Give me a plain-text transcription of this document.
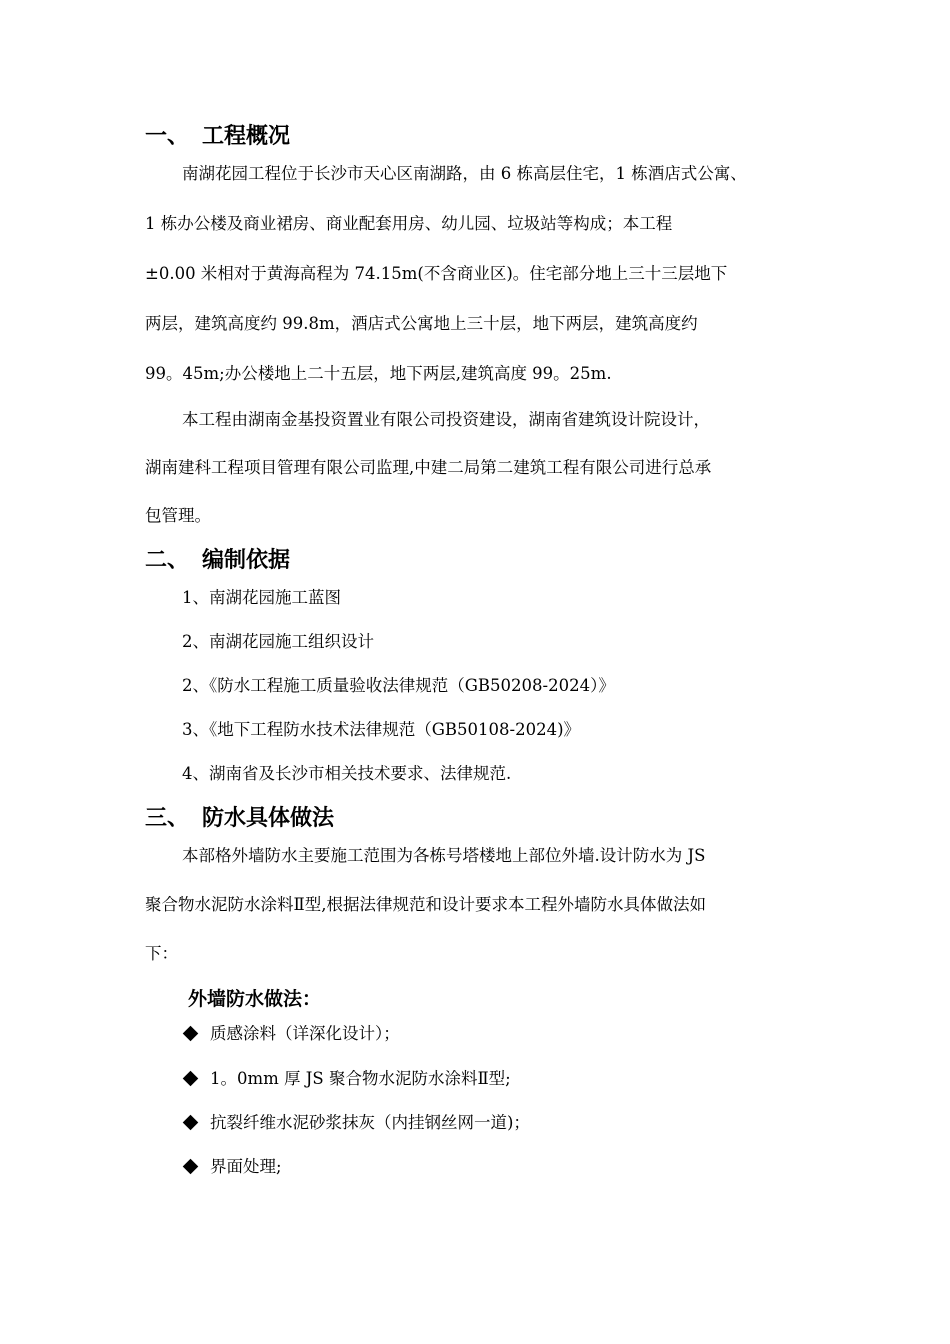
一、 工程概况
南湖花园工程位于长沙市天心区南湖路，由 6 栋高层住宅，1 栋酒店式公寓、
1 栋办公楼及商业裙房、商业配套用房、幼儿园、垃圾站等构成；本工程
±0.00 米相对于黄海高程为 74.15m(不含商业区)。住宅部分地上三十三层地下
两层，建筑高度约 99.8m，酒店式公寓地上三十层，地下两层，建筑高度约
99。45m;办公楼地上二十五层，地下两层,建筑高度 99。25m.
本工程由湖南金基投资置业有限公司投资建设，湖南省建筑设计院设计，
湖南建科工程项目管理有限公司监理,中建二局第二建筑工程有限公司进行总承
包管理。
二、 编制依据
1、南湖花园施工蓝图
2、南湖花园施工组织设计
2、《防水工程施工质量验收法律规范（GB50208-2024）》
3、《地下工程防水技术法律规范（GB50108-2024)》
4、湖南省及长沙市相关技术要求、法律规范.
三、 防水具体做法
本部格外墙防水主要施工范围为各栋号塔楼地上部位外墙.设计防水为 JS
聚合物水泥防水涂料Ⅱ型,根据法律规范和设计要求本工程外墙防水具体做法如
下：
外墙防水做法：
质感涂料（详深化设计）；
1。0mm 厚 JS 聚合物水泥防水涂料Ⅱ型;
抗裂纤维水泥砂浆抹灰（内挂钢丝网一道)；
界面处理;
